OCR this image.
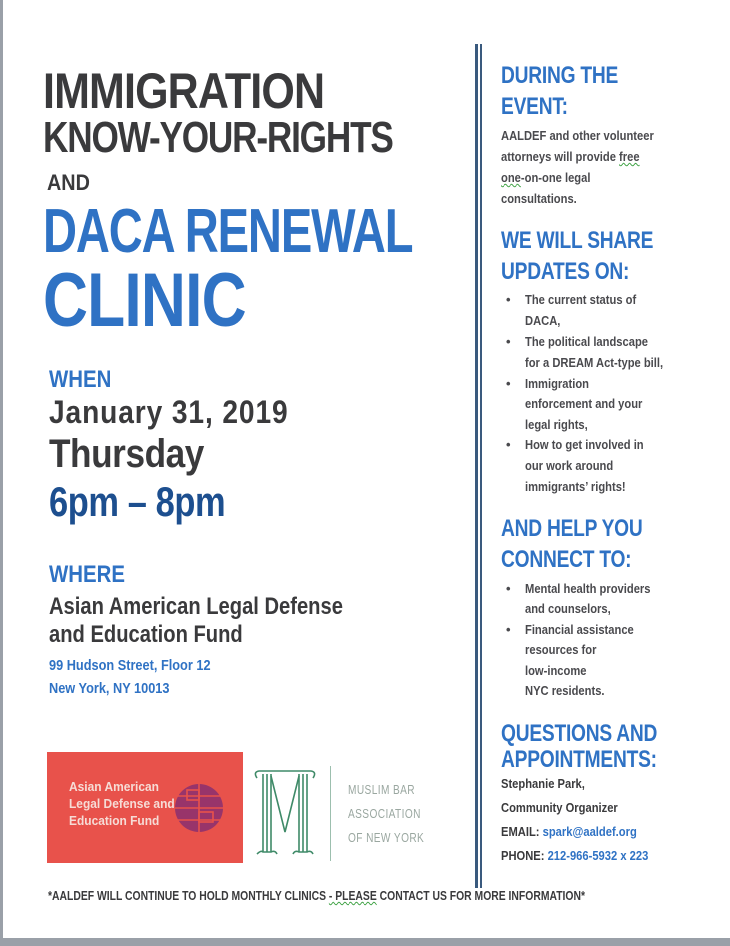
IMMIGRATION
KNOW-YOUR-RIGHTS
AND
DACA RENEWAL
CLINIC
WHEN
January 31, 2019
Thursday
6pm – 8pm
WHERE
Asian American Legal Defense
and Education Fund
99 Hudson Street, Floor 12
New York, NY 10013
DURING THE
EVENT:
AALDEF and other volunteer
attorneys will provide free
one-on-one legal
consultations.
WE WILL SHARE
UPDATES ON:
• The current status of
DACA,
• The political landscape
for a DREAM Act-type bill,
• Immigration
enforcement and your
legal rights,
• How to get involved in
our work around
immigrants’ rights!
AND HELP YOU
CONNECT TO:
• Mental health providers
and counselors,
• Financial assistance
resources for
low-income
NYC residents.
QUESTIONS AND
APPOINTMENTS:
Stephanie Park,
Community Organizer
EMAIL: spark@aaldef.org
PHONE: 212-966-5932 x 223
Asian American
Legal Defense and
Education Fund
MUSLIM BAR
ASSOCIATION
OF NEW YORK
*AALDEF WILL CONTINUE TO HOLD MONTHLY CLINICS - PLEASE CONTACT US FOR MORE INFORMATION*
